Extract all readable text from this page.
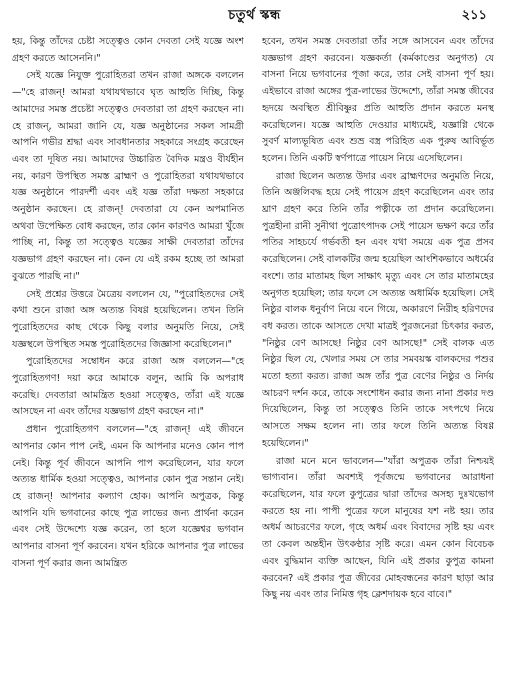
চতুর্থ স্কন্ধ	২১১

হয়, কিন্তু তাঁদের চেষ্টা সত্ত্বেও কোন দেবতা সেই যজ্ঞে অংশ গ্রহণ করতে আসেননি।"

সেই যজ্ঞে নিযুক্ত পুরোহিতরা তখন রাজা অঙ্গকে বললেন—"হে রাজন্! আমরা যথাযথভাবে ঘৃত আহুতি দিচ্ছি, কিন্তু আমাদের সমস্ত প্রচেষ্টা সত্ত্বেও দেবতারা তা গ্রহণ করছেন না। হে রাজন্, আমরা জানি যে, যজ্ঞ অনুষ্ঠানের সকল সামগ্রী আপনি গভীর শ্রদ্ধা এবং সাবধানতার সহকারে সংগ্রহ করেছেন এবং তা দূষিত নয়। আমাদের উচ্চারিত বৈদিক মন্ত্রও বীর্যহীন নয়, কারণ উপস্থিত সমস্ত ব্রাহ্মণ ও পুরোহিতরা যথাযথভাবে যজ্ঞ অনুষ্ঠানে পারদর্শী এবং এই যজ্ঞ তাঁরা দক্ষতা সহকারে অনুষ্ঠান করছেন। হে রাজন্! দেবতারা যে কেন অপমানিত অথবা উপেক্ষিত বোধ করছেন, তার কোন কারণও আমরা খুঁজে পাচ্ছি না, কিন্তু তা সত্ত্বেও যজ্ঞের সাক্ষী দেবতারা তাঁদের যজ্ঞভাগ গ্রহণ করছেন না। কেন যে এই রকম হচ্ছে তা আমরা বুঝতে পারছি না।"

সেই প্রশ্নের উত্তরে মৈত্রেয় বললেন যে, "পুরোহিতদের সেই কথা শুনে রাজা অঙ্গ অত্যন্ত বিষণ্ণ হয়েছিলেন। তখন তিনি পুরোহিতদের কাছ থেকে কিছু বলার অনুমতি নিয়ে, সেই যজ্ঞস্থলে উপস্থিত সমস্ত পুরোহিতদের জিজ্ঞাসা করেছিলেন।"

পুরোহিতদের সম্বোধন করে রাজা অঙ্গ বললেন—"হে পুরোহিতগণ! দয়া করে আমাকে বলুন, আমি কি অপরাধ করেছি। দেবতারা আমন্ত্রিত হওয়া সত্ত্বেও, তাঁরা এই যজ্ঞে আসছেন না এবং তাঁদের যজ্ঞভাগ গ্রহণ করছেন না।"

প্রধান পুরোহিতগণ বললেন—"হে রাজন্! এই জীবনে আপনার কোন পাপ নেই, এমন কি আপনার মনেও কোন পাপ নেই। কিন্তু পূর্ব জীবনে আপনি পাপ করেছিলেন, যার ফলে অত্যন্ত ধার্মিক হওয়া সত্ত্বেও, আপনার কোন পুত্র সন্তান নেই। হে রাজন্! আপনার কল্যাণ হোক। আপনি অপুত্রক, কিন্তু আপনি যদি ভগবানের কাছে পুত্র লাভের জন্য প্রার্থনা করেন এবং সেই উদ্দেশ্যে যজ্ঞ করেন, তা হলে যজ্ঞেশ্বর ভগবান আপনার বাসনা পূর্ণ করবেন। যখন হরিকে আপনার পুত্র লাভের বাসনা পূর্ণ করার জন্য আমন্ত্রিত

হবেন, তখন সমস্ত দেবতারা তাঁর সঙ্গে আসবেন এবং তাঁদের যজ্ঞভাগ গ্রহণ করবেন। যজ্ঞকর্তা (কর্মকাণ্ডের অনুগত) যে বাসনা নিয়ে ভগবানের পূজা করে, তার সেই বাসনা পূর্ণ হয়। এইভাবে রাজা অঙ্গের পুত্র-লাভের উদ্দেশ্যে, তাঁরা সমস্ত জীবের হৃদয়ে অবস্থিত শ্রীবিষ্ণুর প্রতি আহুতি প্রদান করতে মনস্থ করেছিলেন। যজ্ঞে আহুতি দেওয়ার মাধ্যমেই, যজ্ঞাগ্নি থেকে সুবর্ণ মাল্যভূষিত এবং শুভ্র বস্ত্র পরিহিত এক পুরুষ আবির্ভূত হলেন। তিনি একটি স্বর্ণপাত্রে পায়েস নিয়ে এসেছিলেন।

রাজা ছিলেন অত্যন্ত উদার এবং ব্রাহ্মণদের অনুমতি নিয়ে, তিনি অঞ্জলিবদ্ধ হয়ে সেই পায়েস গ্রহণ করেছিলেন এবং তার ঘ্রাণ গ্রহণ করে তিনি তাঁর পত্নীকে তা প্রদান করেছিলেন। পুত্রহীনা রানী সুনীথা পুত্রোৎপাদক সেই পায়েস ভক্ষণ করে তাঁর পতির সাহচর্যে গর্ভবতী হন এবং যথা সময়ে এক পুত্র প্রসব করেছিলেন। সেই বালকটির জন্ম হয়েছিল আংশিকভাবে অধর্মের বংশে। তার মাতামহ ছিল সাক্ষাৎ মৃত্যু এবং সে তার মাতামহের অনুগত হয়েছিল; তার ফলে সে অত্যন্ত অধার্মিক হয়েছিল। সেই নিষ্ঠুর বালক ধনুর্বাণ নিয়ে বনে গিয়ে, অকারণে নিরীহ হরিণদের বধ করত। তাকে আসতে দেখা মাত্রই পুরজনেরা চিৎকার করত, "নিষ্ঠুর বেণ আসছে! নিষ্ঠুর বেণ আসছে!" সেই বালক এত নিষ্ঠুর ছিল যে, খেলার সময় সে তার সমবয়স্ক বালকদের পশুর মতো হত্যা করত। রাজা অঙ্গ তাঁর পুত্র বেণের নিষ্ঠুর ও নির্দয় আচরণ দর্শন করে, তাকে সংশোধন করার জন্য নানা প্রকার দণ্ড দিয়েছিলেন, কিন্তু তা সত্ত্বেও তিনি তাকে সৎপথে নিয়ে আসতে সক্ষম হলেন না। তার ফলে তিনি অত্যন্ত বিষণ্ণ হয়েছিলেন।"

রাজা মনে মনে ভাবলেন—"যাঁরা অপুত্রক তাঁরা নিশ্চয়ই ভাগ্যবান। তাঁরা অবশ্যই পূর্বজন্মে ভগবানের আরাধনা করেছিলেন, যার ফলে কুপুত্রের দ্বারা তাঁদের অসহ্য দুঃখভোগ করতে হয় না। পাপী পুত্রের ফলে মানুষের যশ নষ্ট হয়। তার অধর্ম আচরণের ফলে, গৃহে অধর্ম এবং বিবাদের সৃষ্টি হয় এবং তা কেবল অন্তহীন উৎকণ্ঠার সৃষ্টি করে। এমন কোন বিবেচক এবং বুদ্ধিমান ব্যক্তি আছেন, যিনি এই প্রকার কুপুত্র কামনা করবেন? এই প্রকার পুত্র জীবের মোহবন্ধনের কারণ ছাড়া আর কিছু নয় এবং তার নিমিত্ত গৃহ ক্লেশদায়ক হবে বাবে।"
